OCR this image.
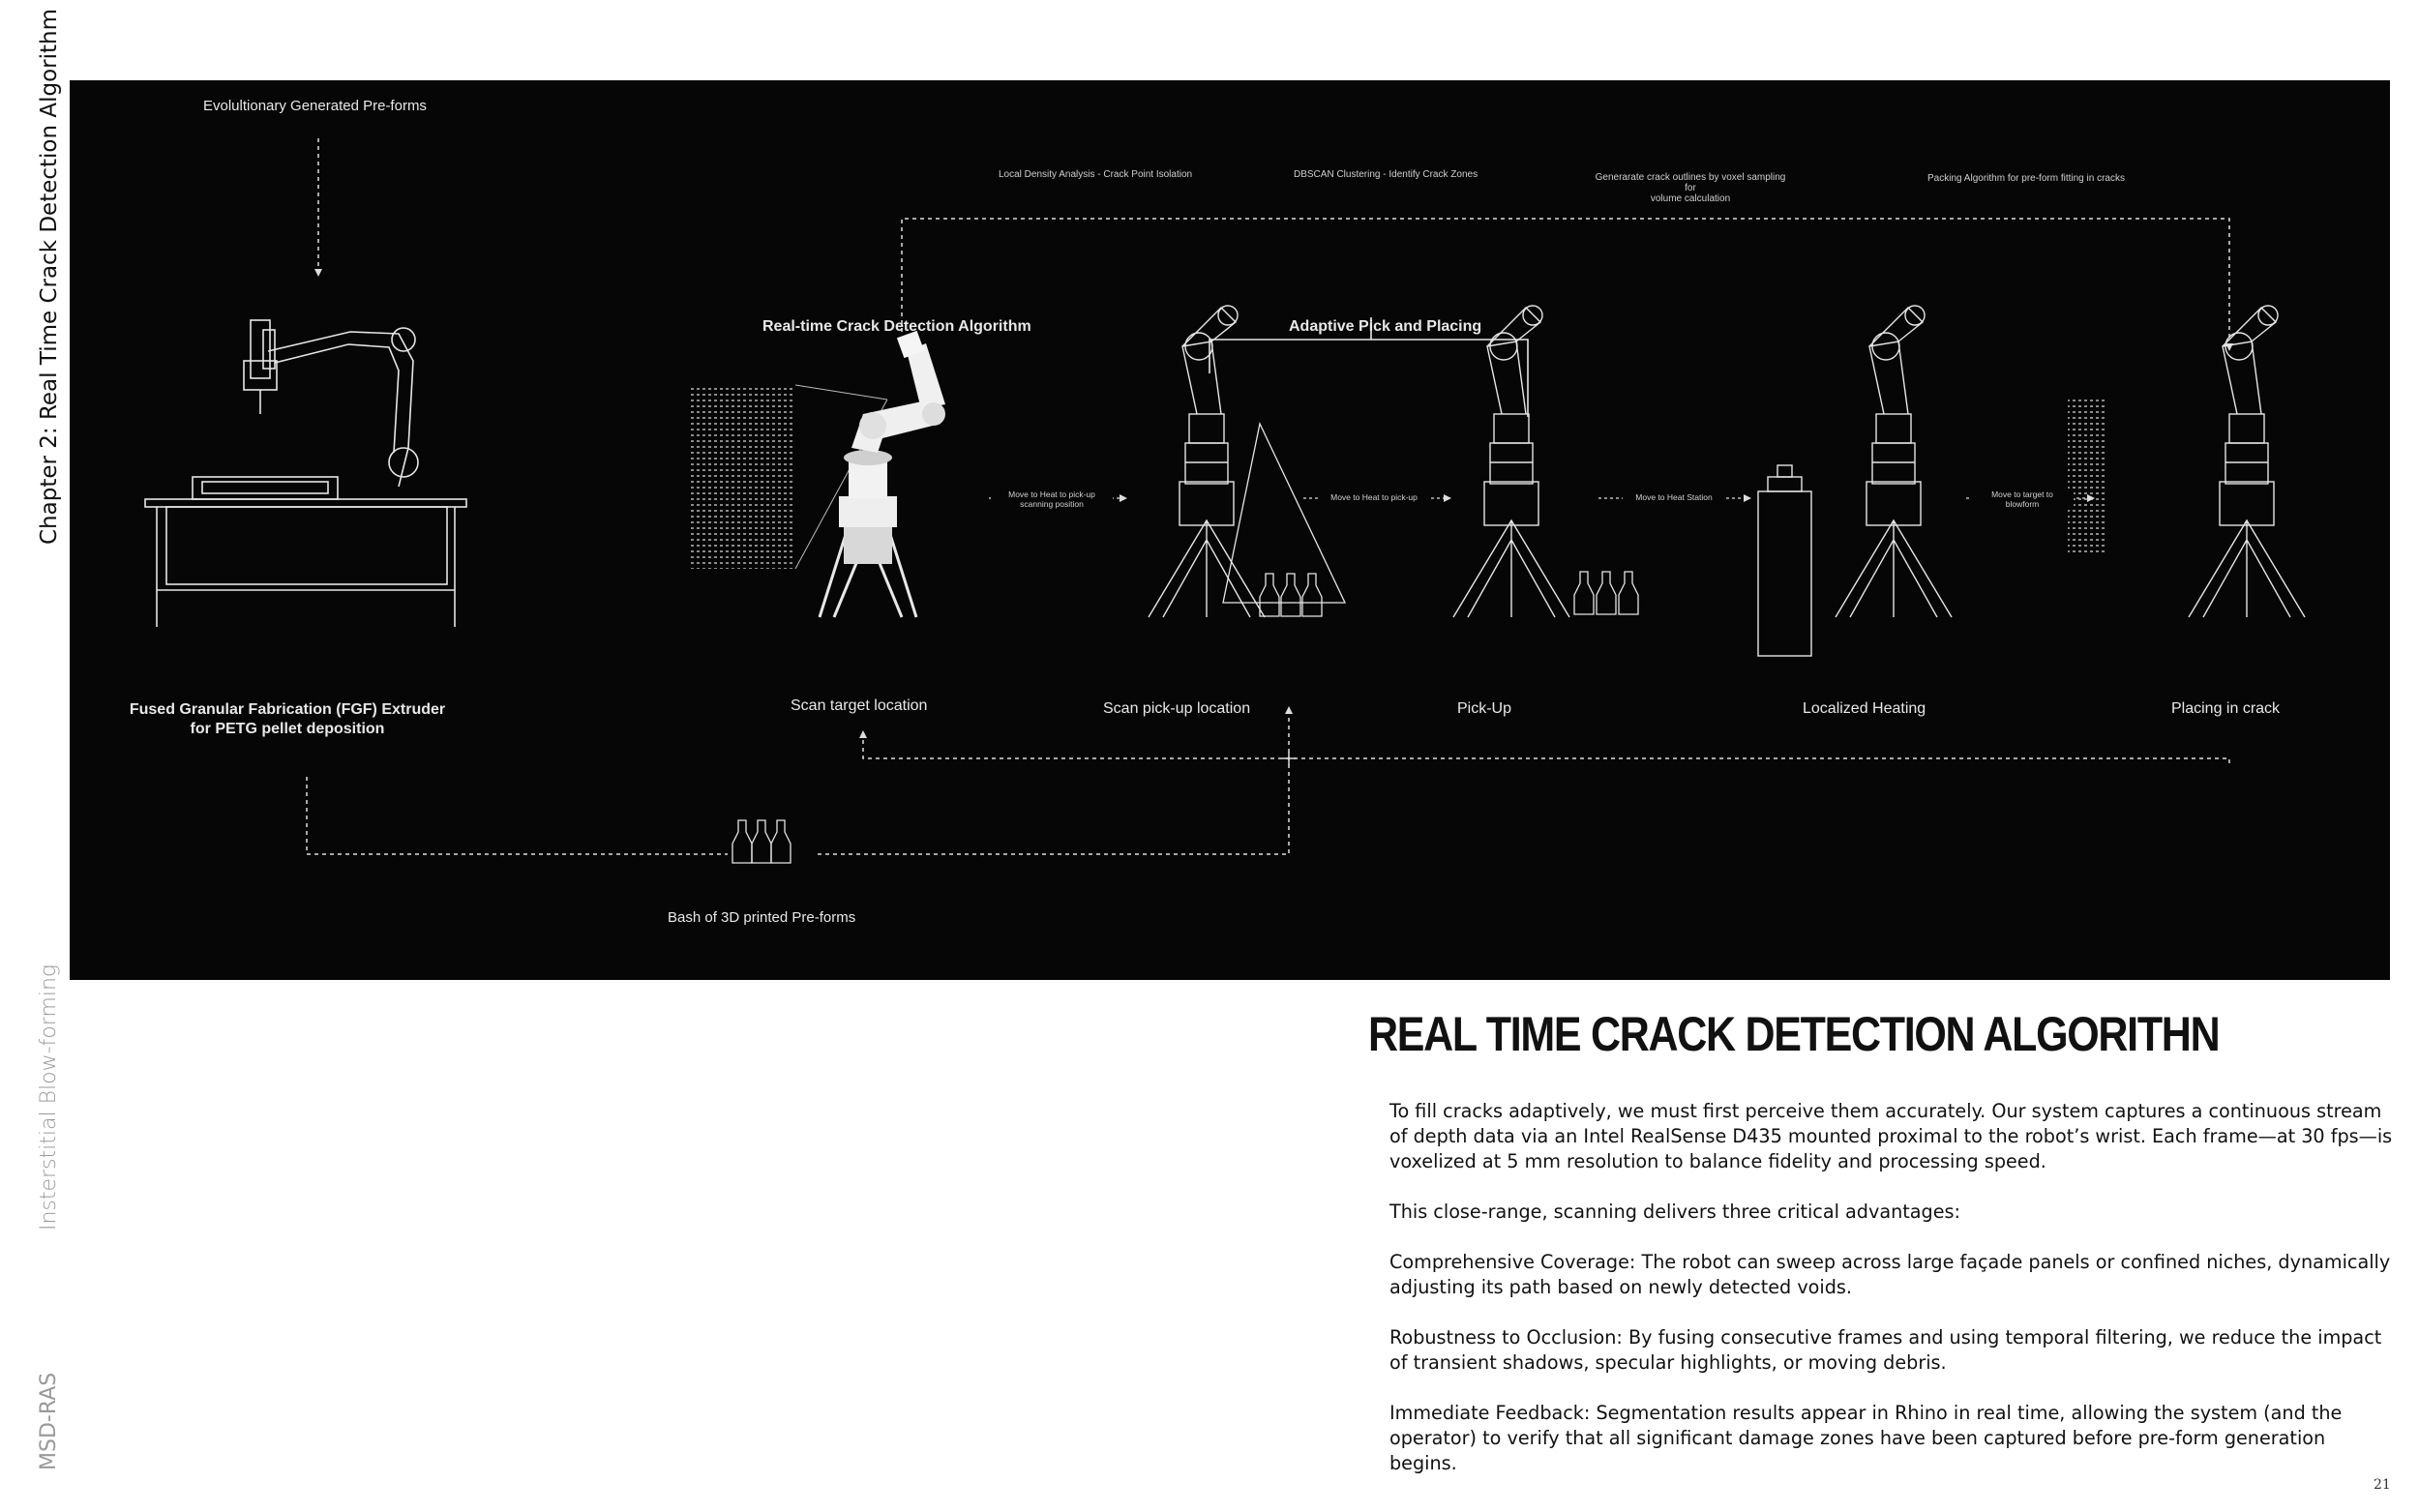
Chapter 2: Real Time Crack Detection Algorithm
Insterstitial Blow-forming
MSD-RAS
Evolultionary Generated Pre-forms
Local Density Analysis - Crack Point Isolation	DBSCAN Clustering - Identify Crack Zones	Generarate crack outlines by voxel sampling
for
volume calculation
Packing Algorithm for pre-form fitting in cracks
Real-time Crack Detection Algorithm	Adaptive Pick and Placing
Move to Heat to pick-up
scanning position
Move to Heat to pick-up	Move to Heat Station	Move to target to
blowform
Fused Granular Fabrication (FGF) Extruder
for PETG pellet deposition
Scan target location	Scan pick-up location	Pick-Up	Localized Heating	Placing in crack
Bash of 3D printed Pre-forms
REAL TIME CRACK DETECTION ALGORITHN

To fill cracks adaptively, we must first perceive them accurately. Our system captures a continuous stream of depth data via an Intel RealSense D435 mounted proximal to the robot’s wrist. Each frame—at 30 fps—is voxelized at 5 mm resolution to balance fidelity and processing speed.

This close-range, scanning delivers three critical advantages:

Comprehensive Coverage: The robot can sweep across large façade panels or confined niches, dynamically adjusting its path based on newly detected voids.

Robustness to Occlusion: By fusing consecutive frames and using temporal filtering, we reduce the impact of transient shadows, specular highlights, or moving debris.

Immediate Feedback: Segmentation results appear in Rhino in real time, allowing the system (and the operator) to verify that all significant damage zones have been captured before pre-form generation begins.

21
